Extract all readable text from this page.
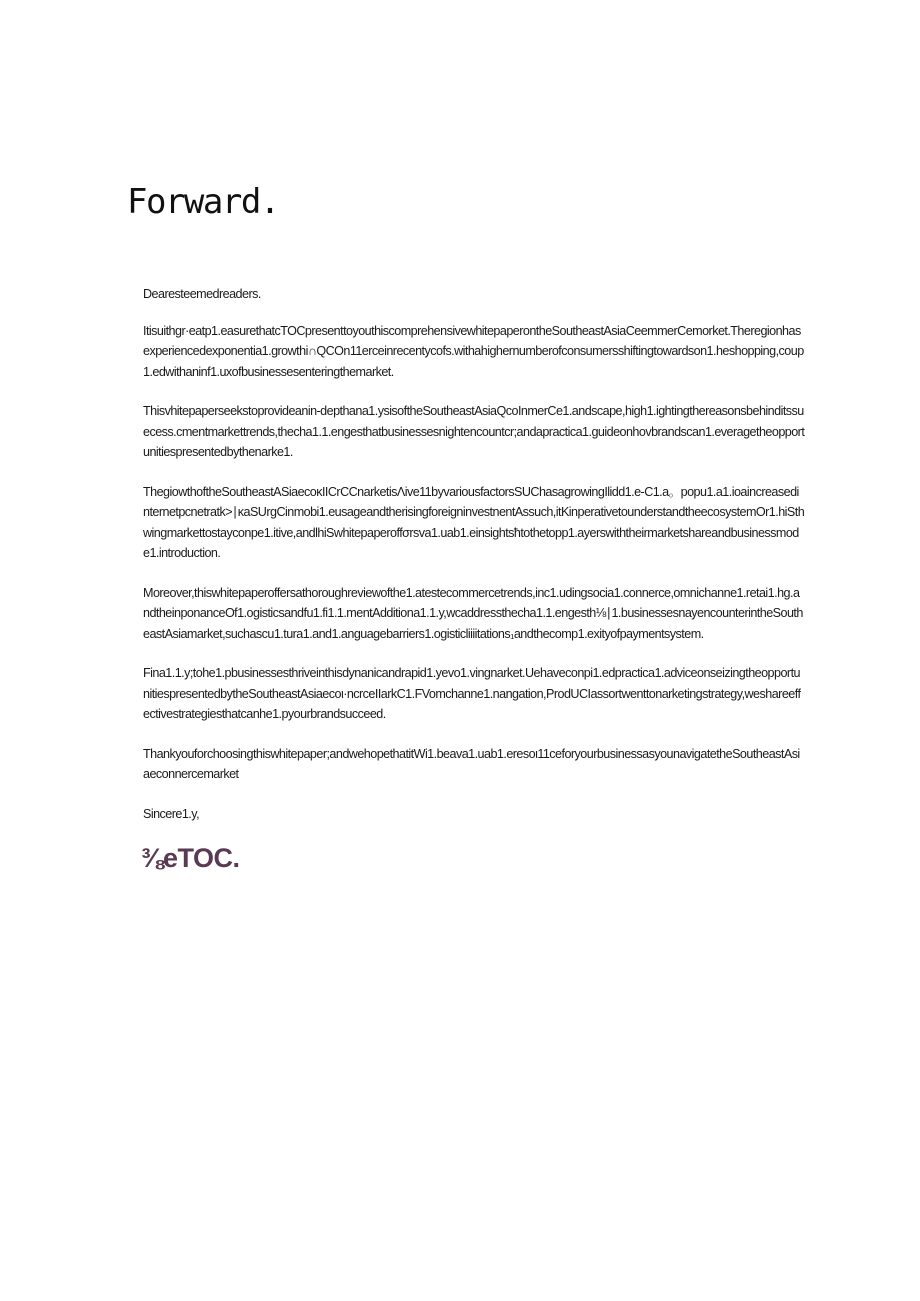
Forward.

Dearesteemedreaders.

Itisuithgr·eatp1.easurethatcTOCpresenttoyouthiscomprehensivewhitepaperontheSoutheastAsiaCeemmerCemorket.Theregionhasexperiencedexponentia1.growthi∩QCOn11erceinrecentycofs.withahighernumberofconsumersshiftingtowardson1.heshopping,coup1.edwithaninf1.uxofbusinessesenteringthemarket.

Thisvhitepaperseekstoprovideanin-depthana1.ysisoftheSoutheastAsiaQcoInmerCe1.andscape,high1.ightingthereasonsbehinditssuecess.cmentmarkettrends,thecha1.1.engesthatbusinessesnightencountcr;andapractica1.guideonhovbrandscan1.everagetheopportunitiespresentedbythenarke1.

ThegiowthoftheSoutheastASiaecoκIICrCCnarketisΛive11byvariousfactorsSUChasagrowingIlidd1.e-C1.a。popu1.a1.ioaincreasedinternetpcnetratk>∣κaSUrgCinmobi1.eusageandtherisingforeigninvestnentAssuch,itKinperativetounderstandtheecosystemOr1.hiSthwingmarkettostayconpe1.itive,andlhiSwhitepaperoffσrsva1.uab1.einsightsħtothetopp1.ayerswiththeirmarketshareandbusinessmode1.introduction.

Moreover,thiswhitepaperoffersathoroughreviewofthe1.atestecommercetrends,inc1.udingsocia1.connerce,omnichanne1.retai1.hg.andtheinponanceOf1.ogisticsandfu1.fi1.1.mentAdditiona1.1.y,wcaddressthecha1.1.engesth⅛∣1.businessesnayencounterintheSoutheastAsiamarket,suchascu1.tura1.and1.anguagebarriers1.ogisticliiiitations₁andthecomp1.exityofpaymentsystem.

Fina1.1.y;tohe1.pbusinessesthriveinthisdynanicandrapid1.yevo1.vingnarket.Uehaveconpi1.edpractica1.adviceonseizingtheopportunitiespresentedbytheSoutheastAsiaecoι·ncrceIIarkC1.FVomchanne1.nangation,ProdUCIassortwenttonarketingstrategy,weshareeffectivestrategiesthatcanhe1.pyourbrandsucceed.

Thankyouforchoosingthiswhitepaper;andwehopethatitWi1.beava1.uab1.eresoι11ceforyourbusinessasyounavigatetheSoutheastAsiaeconnercemarket

Sincere1.y,

⅜eTOC.
